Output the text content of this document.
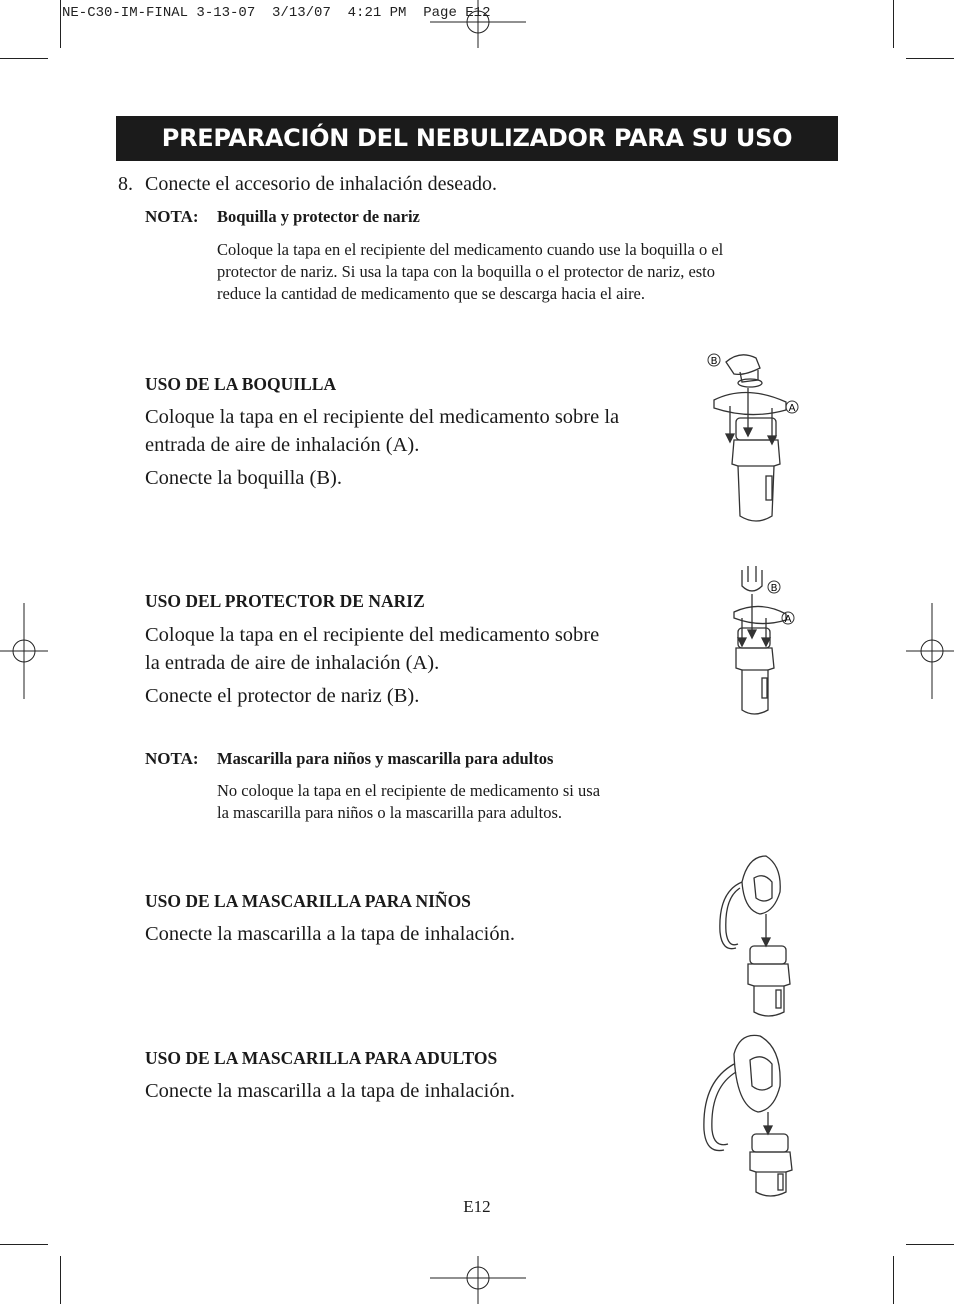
NE-C30-IM-FINAL 3-13-07  3/13/07  4:21 PM  Page E12
PREPARACIÓN DEL NEBULIZADOR PARA SU USO
8. Conecte el accesorio de inhalación deseado.
NOTA: Boquilla y protector de nariz
Coloque la tapa en el recipiente del medicamento cuando use la boquilla o el
protector de nariz. Si usa la tapa con la boquilla o el protector de nariz, esto
reduce la cantidad de medicamento que se descarga hacia el aire.
USO DE LA BOQUILLA
Coloque la tapa en el recipiente del medicamento sobre la
entrada de aire de inhalación (A).
Conecte la boquilla (B).
B
A
USO DEL PROTECTOR DE NARIZ
Coloque la tapa en el recipiente del medicamento sobre
la entrada de aire de inhalación (A).
Conecte el protector de nariz (B).
B
A
NOTA: Mascarilla para niños y mascarilla para adultos
No coloque la tapa en el recipiente de medicamento si usa
la mascarilla para niños o la mascarilla para adultos.
USO DE LA MASCARILLA PARA NIÑOS
Conecte la mascarilla a la tapa de inhalación.
USO DE LA MASCARILLA PARA ADULTOS
Conecte la mascarilla a la tapa de inhalación.
E12
